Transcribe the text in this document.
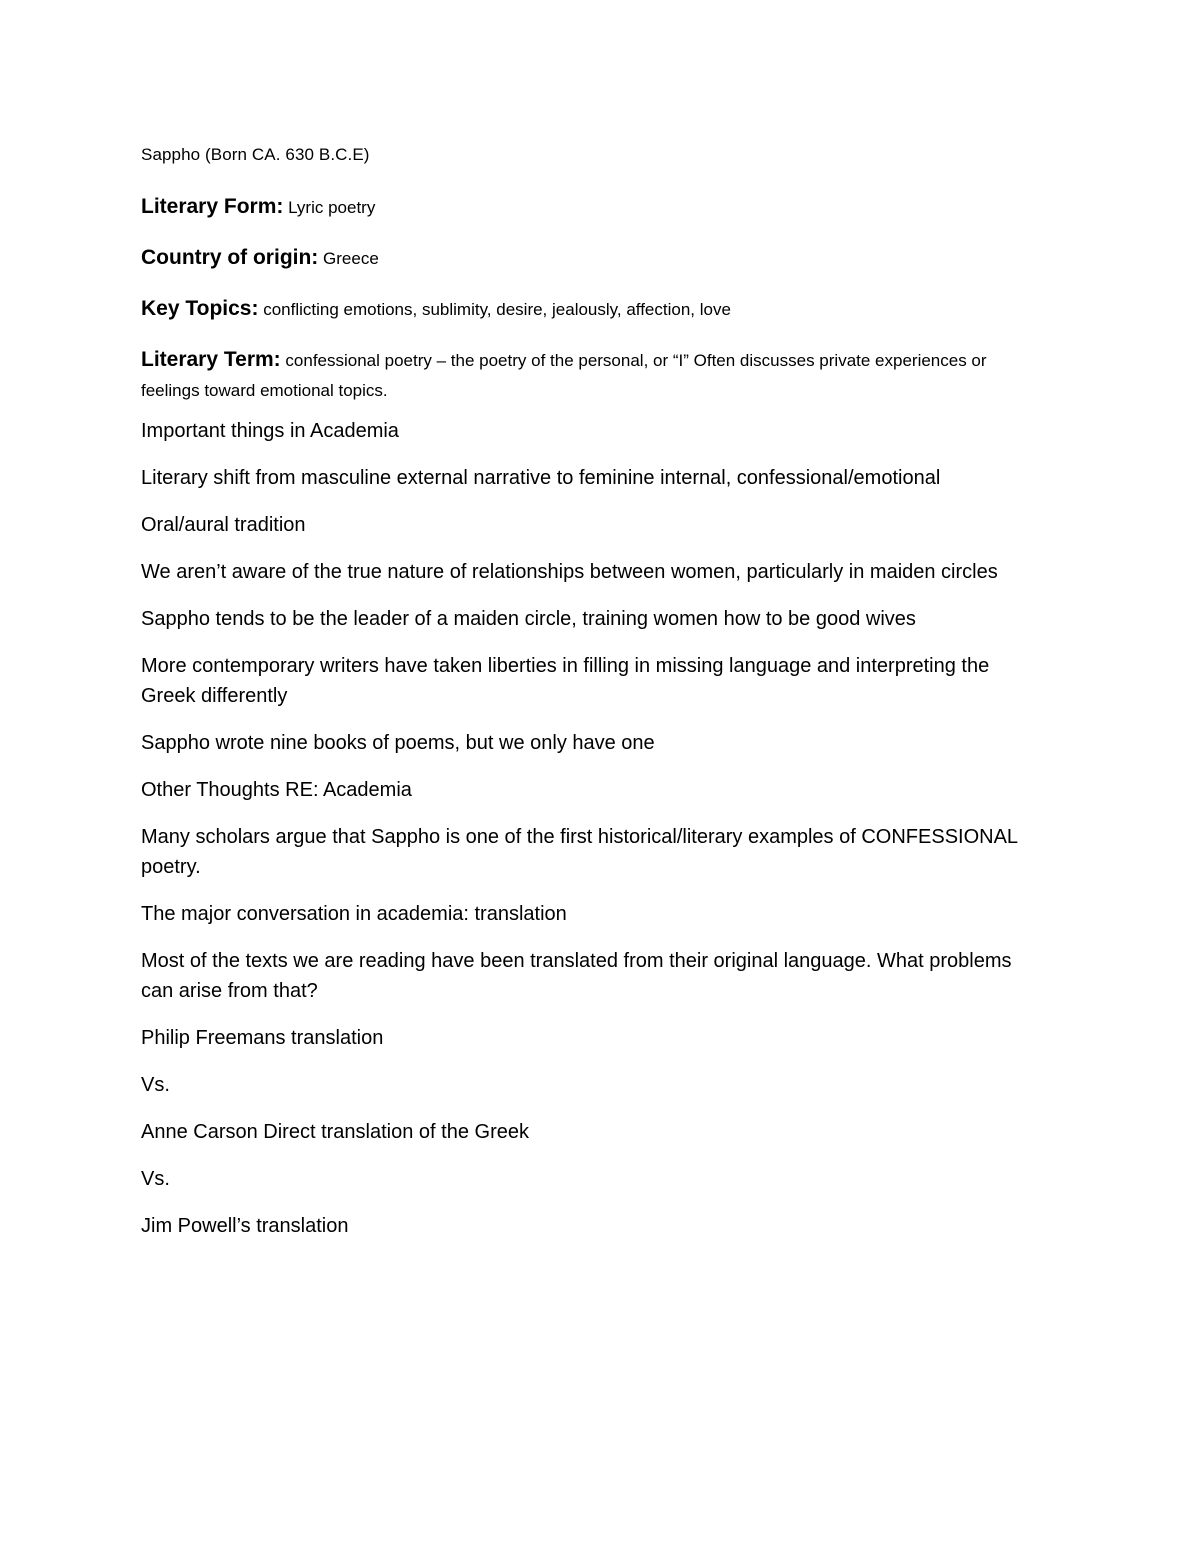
Sappho (Born CA. 630 B.C.E)

Literary Form: Lyric poetry

Country of origin: Greece

Key Topics: conflicting emotions, sublimity, desire, jealously, affection, love

Literary Term: confessional poetry – the poetry of the personal, or “I” Often discusses private experiences or feelings toward emotional topics.

Important things in Academia

Literary shift from masculine external narrative to feminine internal, confessional/emotional

Oral/aural tradition

We aren’t aware of the true nature of relationships between women, particularly in maiden circles

Sappho tends to be the leader of a maiden circle, training women how to be good wives

More contemporary writers have taken liberties in filling in missing language and interpreting the Greek differently

Sappho wrote nine books of poems, but we only have one

Other Thoughts RE: Academia

Many scholars argue that Sappho is one of the first historical/literary examples of CONFESSIONAL poetry.

The major conversation in academia: translation

Most of the texts we are reading have been translated from their original language. What problems can arise from that?

Philip Freemans translation

Vs.

Anne Carson Direct translation of the Greek

Vs.

Jim Powell’s translation
